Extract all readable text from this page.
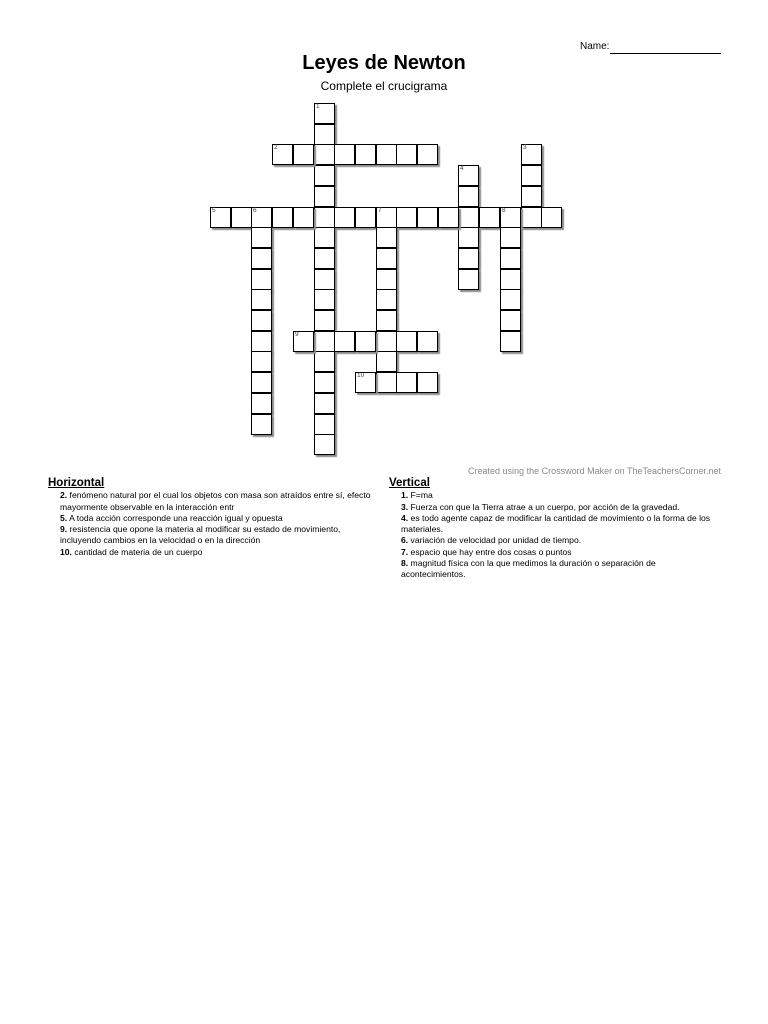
Name:
Leyes de Newton
Complete el crucigrama
1
2	3
4
5	6	7	8
9
10
Created using the Crossword Maker on TheTeachersCorner.net
Horizontal
2. fenómeno natural por el cual los objetos con masa son atraídos entre sí, efecto mayormente observable en la interacción entr
5. A toda acción corresponde una reacción igual y opuesta
9. resistencia que opone la materia al modificar su estado de movimiento, incluyendo cambios en la velocidad o en la dirección
10. cantidad de materia de un cuerpo
Vertical
1. F=ma
3. Fuerza con que la Tierra atrae a un cuerpo, por acción de la gravedad.
4. es todo agente capaz de modificar la cantidad de movimiento o la forma de los materiales.
6. variación de velocidad por unidad de tiempo.
7. espacio que hay entre dos cosas o puntos
8. magnitud física con la que medimos la duración o separación de acontecimientos.
